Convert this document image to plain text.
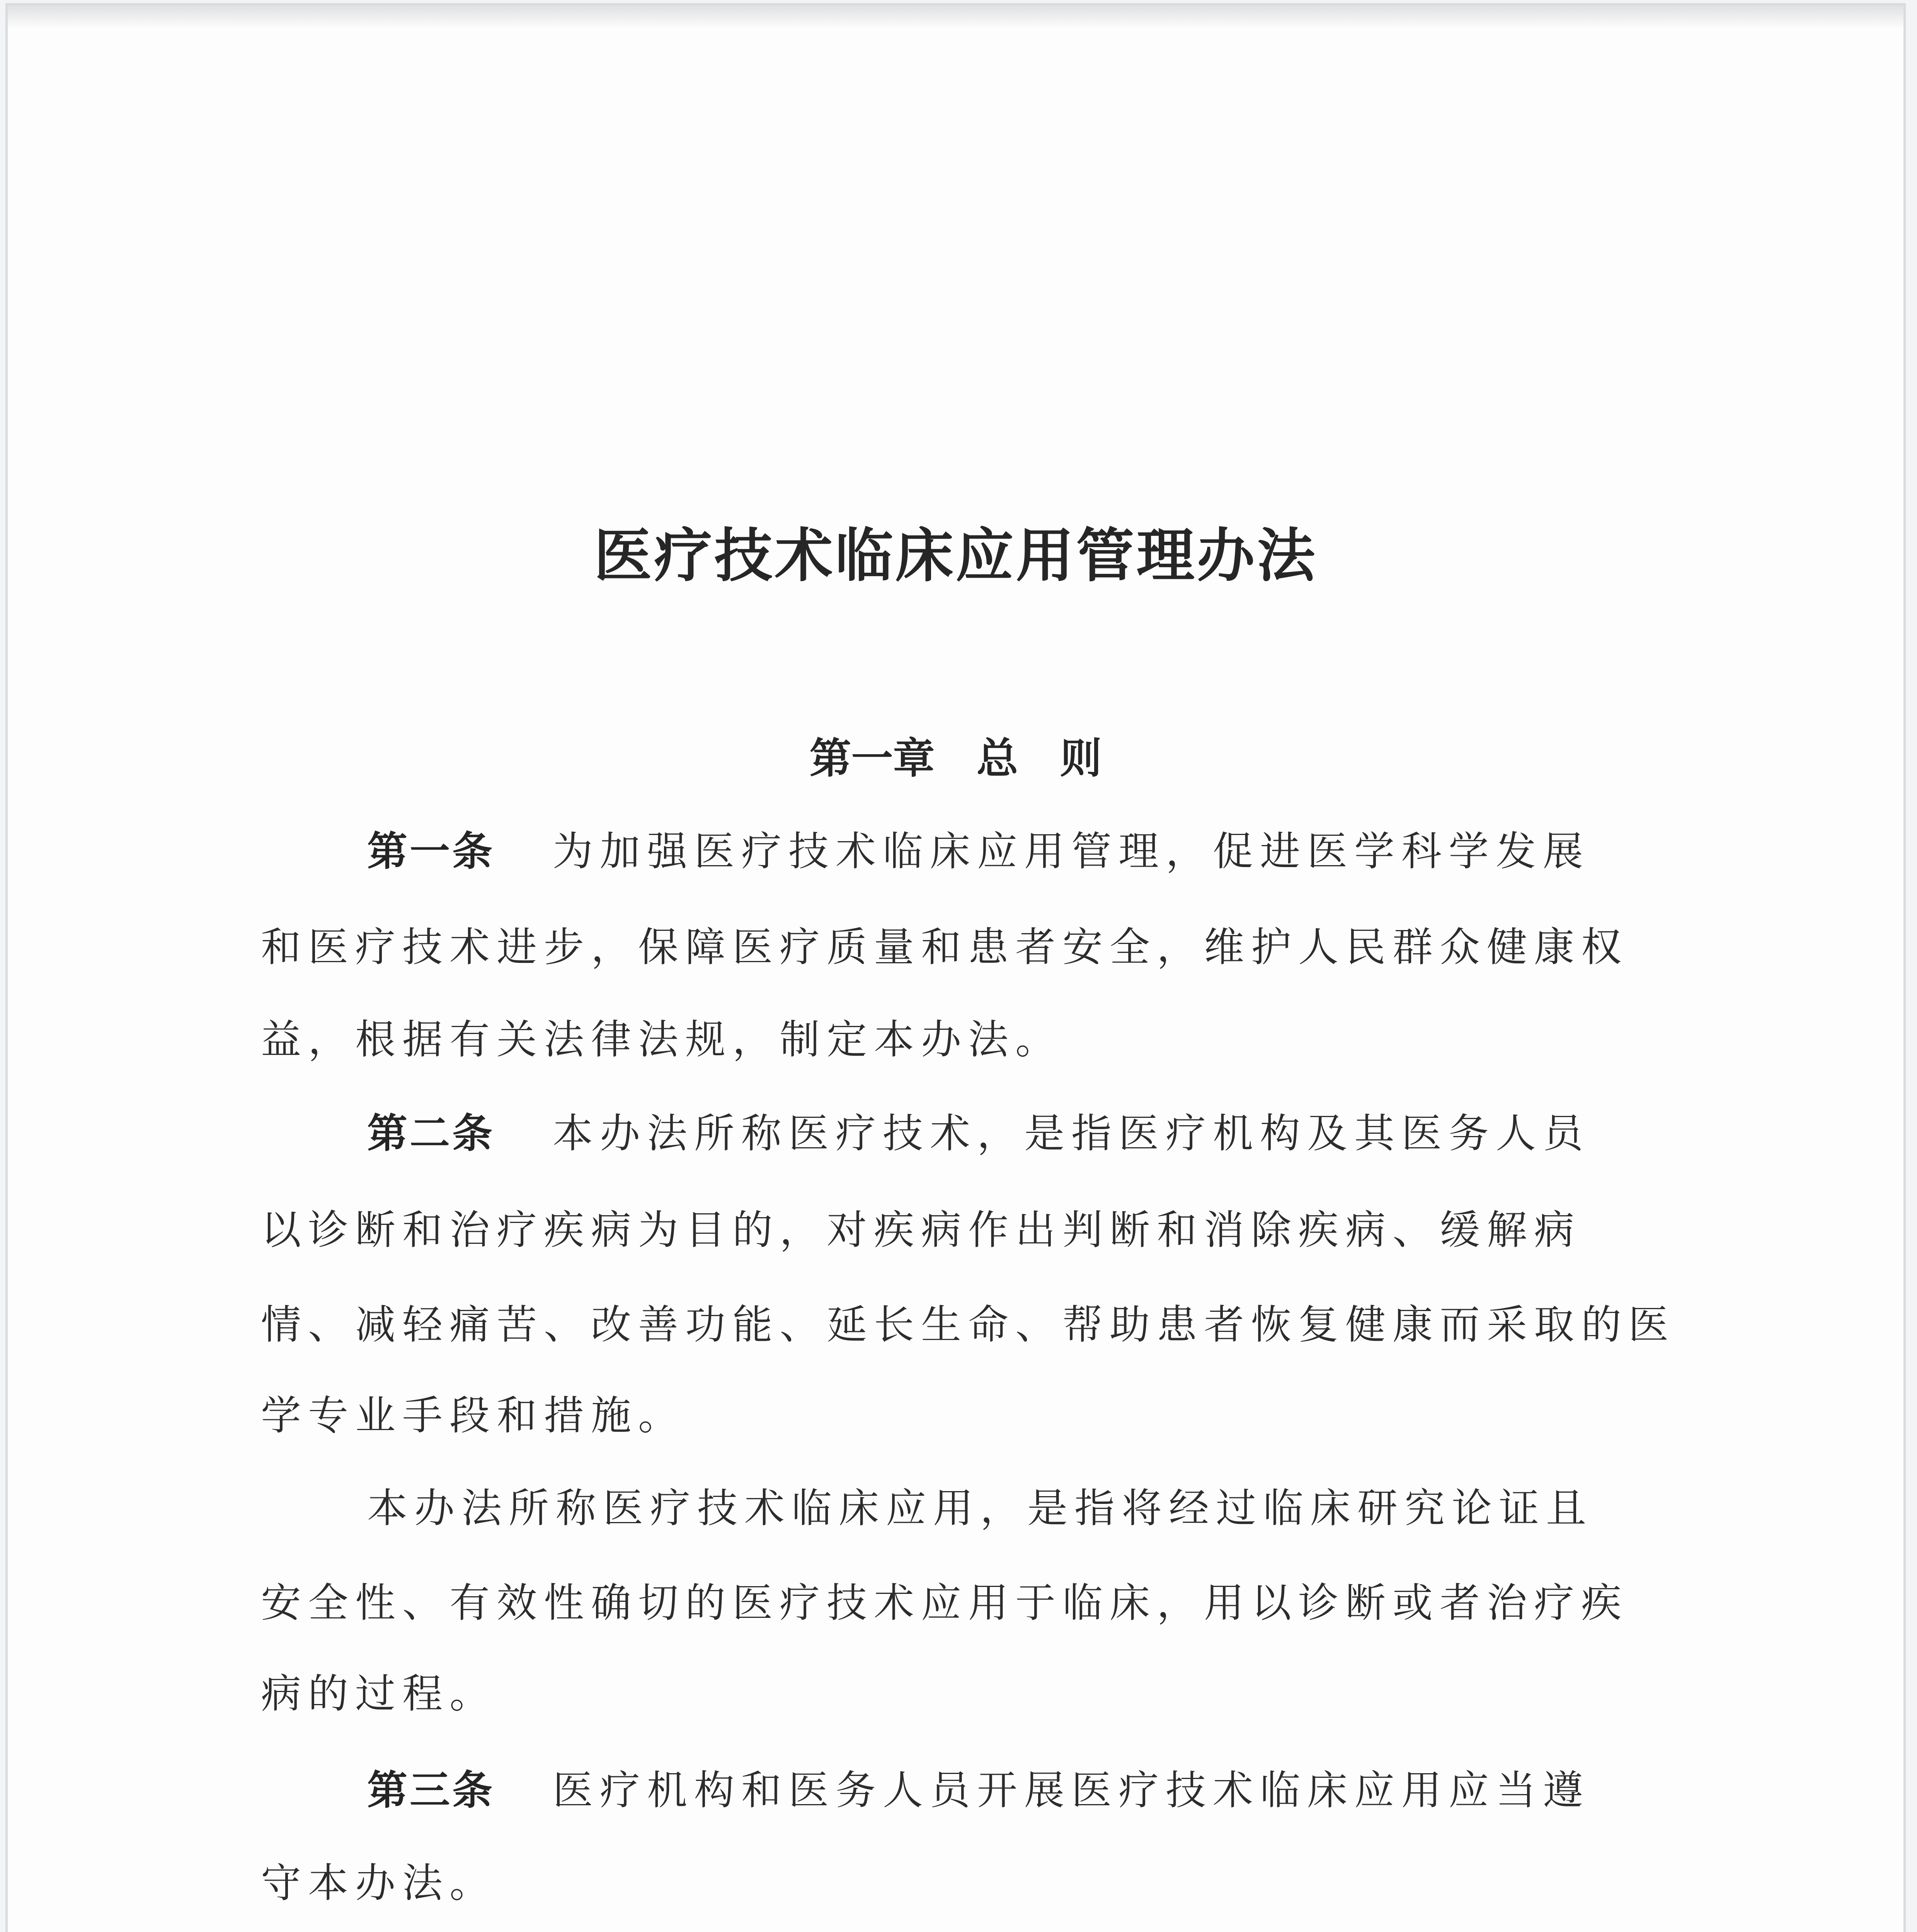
医疗技术临床应用管理办法
第一章　总　则

第一条 为加强医疗技术临床应用管理，促进医学科学发展

和医疗技术进步，保障医疗质量和患者安全，维护人民群众健康权

益，根据有关法律法规，制定本办法。

第二条 本办法所称医疗技术，是指医疗机构及其医务人员

以诊断和治疗疾病为目的，对疾病作出判断和消除疾病、缓解病

情、减轻痛苦、改善功能、延长生命、帮助患者恢复健康而采取的医

学专业手段和措施。

本办法所称医疗技术临床应用，是指将经过临床研究论证且

安全性、有效性确切的医疗技术应用于临床，用以诊断或者治疗疾

病的过程。

第三条 医疗机构和医务人员开展医疗技术临床应用应当遵

守本办法。
